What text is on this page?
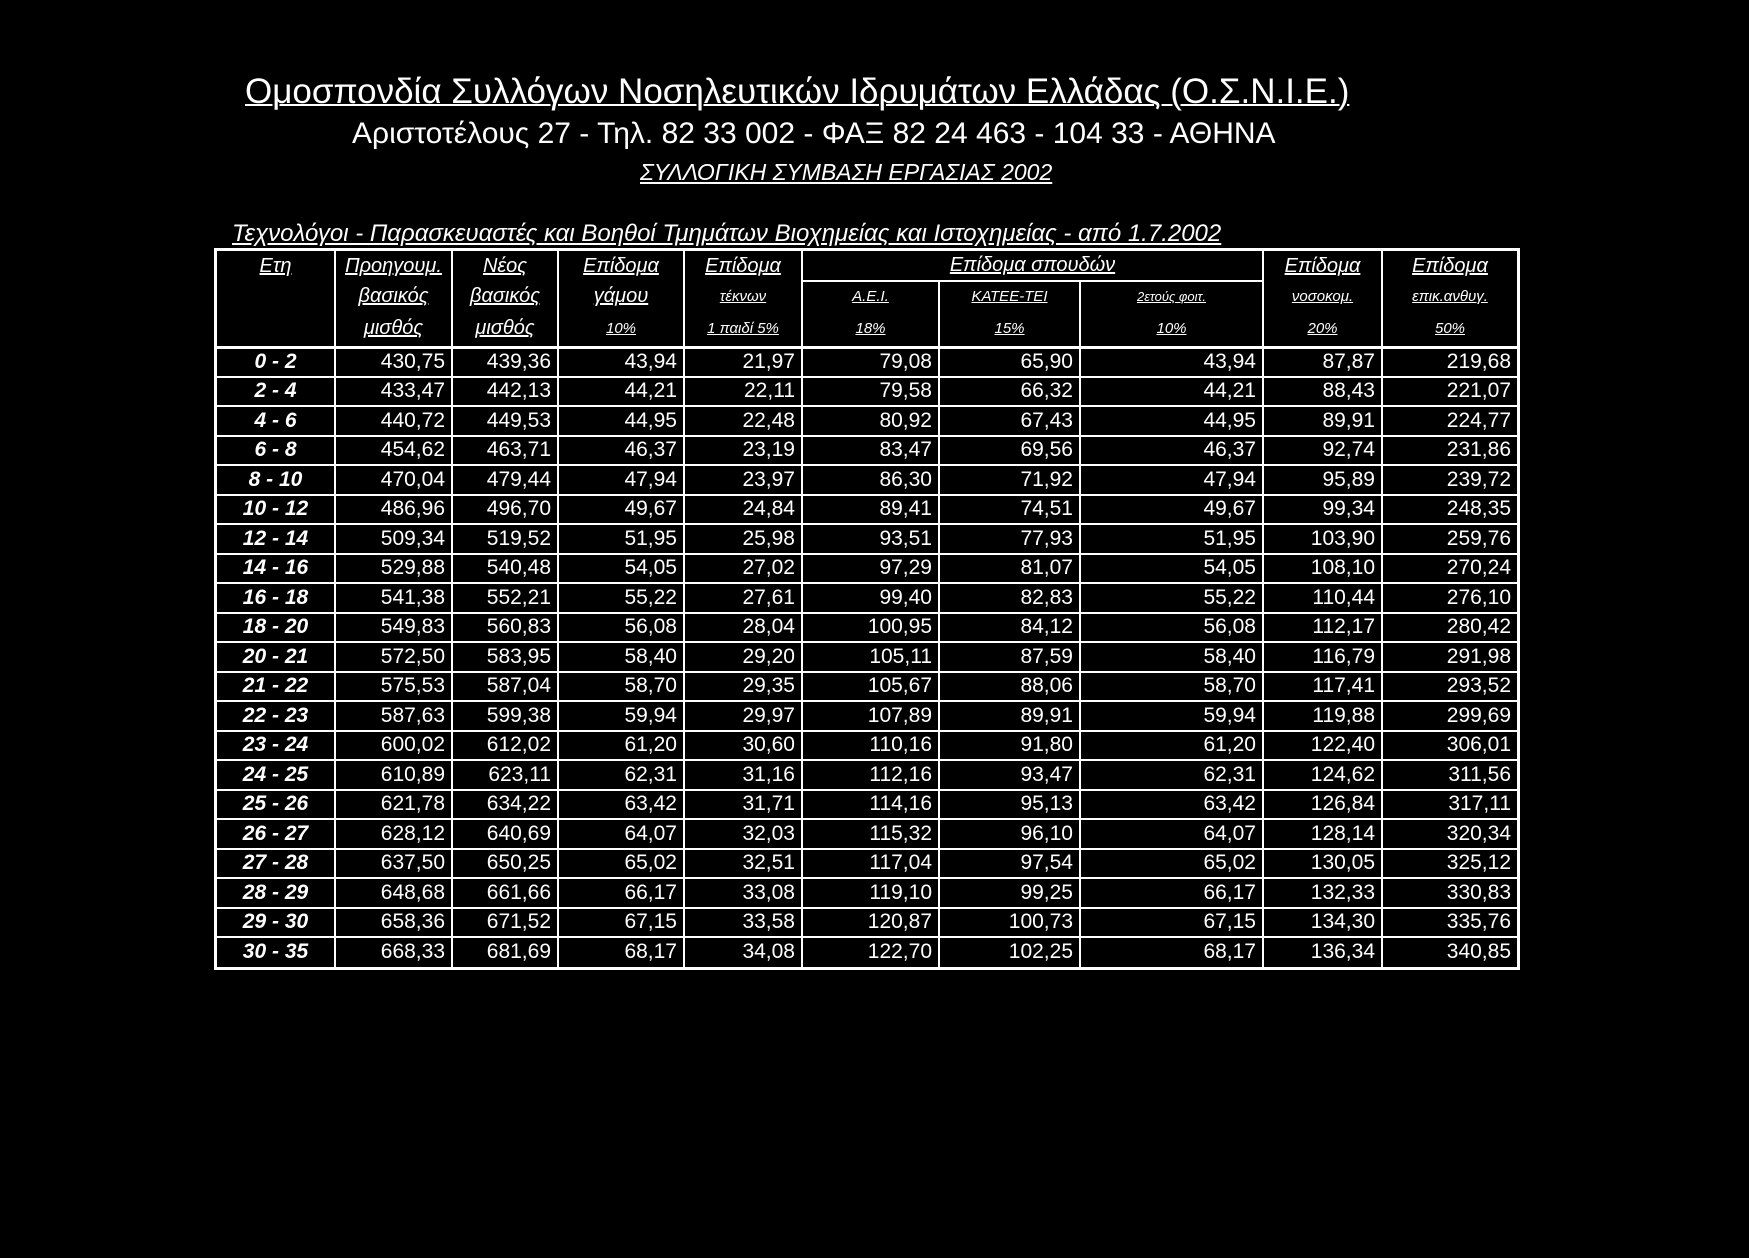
Ομοσπονδία Συλλόγων Νοσηλευτικών Ιδρυμάτων Ελλάδας (Ο.Σ.Ν.Ι.Ε.)
Αριστοτέλους 27 - Τηλ. 82 33 002 - ΦΑΞ 82 24 463 - 104 33 - ΑΘΗΝΑ
ΣΥΛΛΟΓΙΚΗ ΣΥΜΒΑΣΗ ΕΡΓΑΣΙΑΣ 2002
Τεχνολόγοι - Παρασκευαστές και Βοηθοί Τμημάτων Βιοχημείας και Ιστοχημείας - από 1.7.2002
Ετη	Προηγουμ.	Νέος	Επίδομα	Επίδομα	Επίδομα σπουδών			Επίδομα	Επίδομα
	βασικός	βασικός	γάμου	τέκνων	Α.Ε.Ι.	ΚΑΤΕΕ-ΤΕΙ	2ετούς φοιτ.	νοσοκομ.	επικ.ανθυγ.
	μισθός	μισθός	10%	1 παιδί 5%	18%	15%	10%	20%	50%
0 - 2	430,75	439,36	43,94	21,97	79,08	65,90	43,94	87,87	219,68
2 - 4	433,47	442,13	44,21	22,11	79,58	66,32	44,21	88,43	221,07
4 - 6	440,72	449,53	44,95	22,48	80,92	67,43	44,95	89,91	224,77
6 - 8	454,62	463,71	46,37	23,19	83,47	69,56	46,37	92,74	231,86
8 - 10	470,04	479,44	47,94	23,97	86,30	71,92	47,94	95,89	239,72
10 - 12	486,96	496,70	49,67	24,84	89,41	74,51	49,67	99,34	248,35
12 - 14	509,34	519,52	51,95	25,98	93,51	77,93	51,95	103,90	259,76
14 - 16	529,88	540,48	54,05	27,02	97,29	81,07	54,05	108,10	270,24
16 - 18	541,38	552,21	55,22	27,61	99,40	82,83	55,22	110,44	276,10
18 - 20	549,83	560,83	56,08	28,04	100,95	84,12	56,08	112,17	280,42
20 - 21	572,50	583,95	58,40	29,20	105,11	87,59	58,40	116,79	291,98
21 - 22	575,53	587,04	58,70	29,35	105,67	88,06	58,70	117,41	293,52
22 - 23	587,63	599,38	59,94	29,97	107,89	89,91	59,94	119,88	299,69
23 - 24	600,02	612,02	61,20	30,60	110,16	91,80	61,20	122,40	306,01
24 - 25	610,89	623,11	62,31	31,16	112,16	93,47	62,31	124,62	311,56
25 - 26	621,78	634,22	63,42	31,71	114,16	95,13	63,42	126,84	317,11
26 - 27	628,12	640,69	64,07	32,03	115,32	96,10	64,07	128,14	320,34
27 - 28	637,50	650,25	65,02	32,51	117,04	97,54	65,02	130,05	325,12
28 - 29	648,68	661,66	66,17	33,08	119,10	99,25	66,17	132,33	330,83
29 - 30	658,36	671,52	67,15	33,58	120,87	100,73	67,15	134,30	335,76
30 - 35	668,33	681,69	68,17	34,08	122,70	102,25	68,17	136,34	340,85
